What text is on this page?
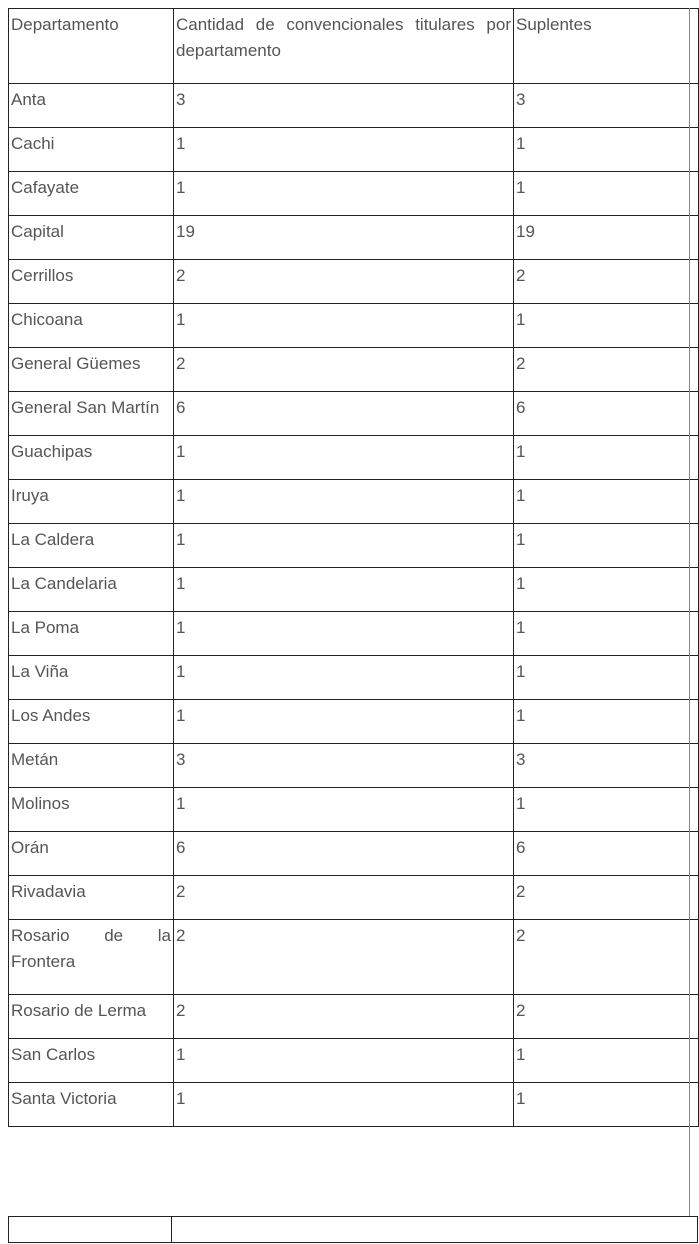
Departamento	Cantidad de convencionales titulares por departamento	Suplentes
Anta	3	3
Cachi	1	1
Cafayate	1	1
Capital	19	19
Cerrillos	2	2
Chicoana	1	1
General Güemes	2	2
General San Martín	6	6
Guachipas	1	1
Iruya	1	1
La Caldera	1	1
La Candelaria	1	1
La Poma	1	1
La Viña	1	1
Los Andes	1	1
Metán	3	3
Molinos	1	1
Orán	6	6
Rivadavia	2	2
Rosario de la Frontera	2	2
Rosario de Lerma	2	2
San Carlos	1	1
Santa Victoria	1	1
